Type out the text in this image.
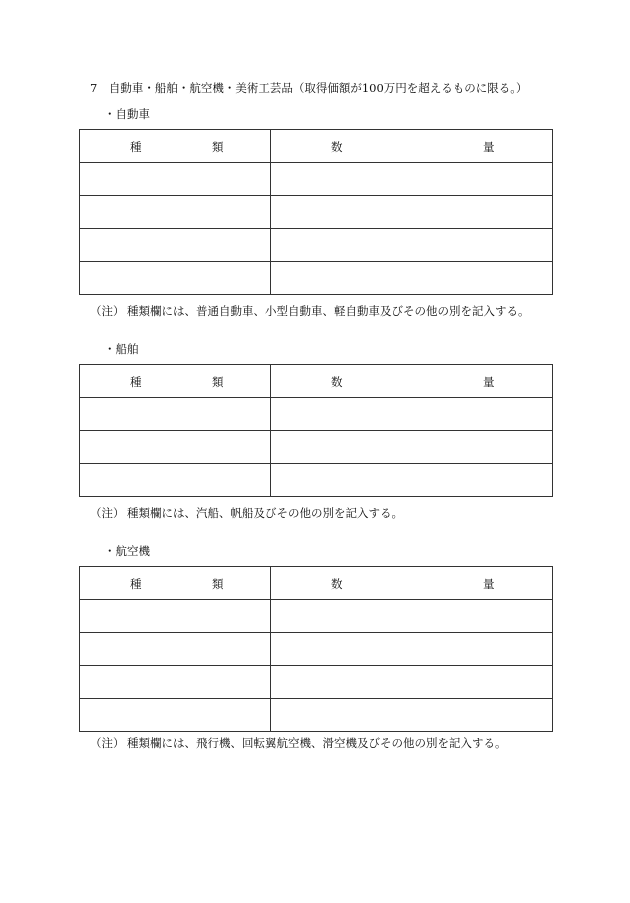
7　自動車・船舶・航空機・美術工芸品（取得価額が100万円を超えるものに限る。）
・自動車
種 類	数 量

（注） 種類欄には、普通自動車、小型自動車、軽自動車及びその他の別を記入する。
・船舶
種 類	数 量

（注） 種類欄には、汽船、帆船及びその他の別を記入する。
・航空機
種 類	数 量

（注） 種類欄には、飛行機、回転翼航空機、滑空機及びその他の別を記入する。
